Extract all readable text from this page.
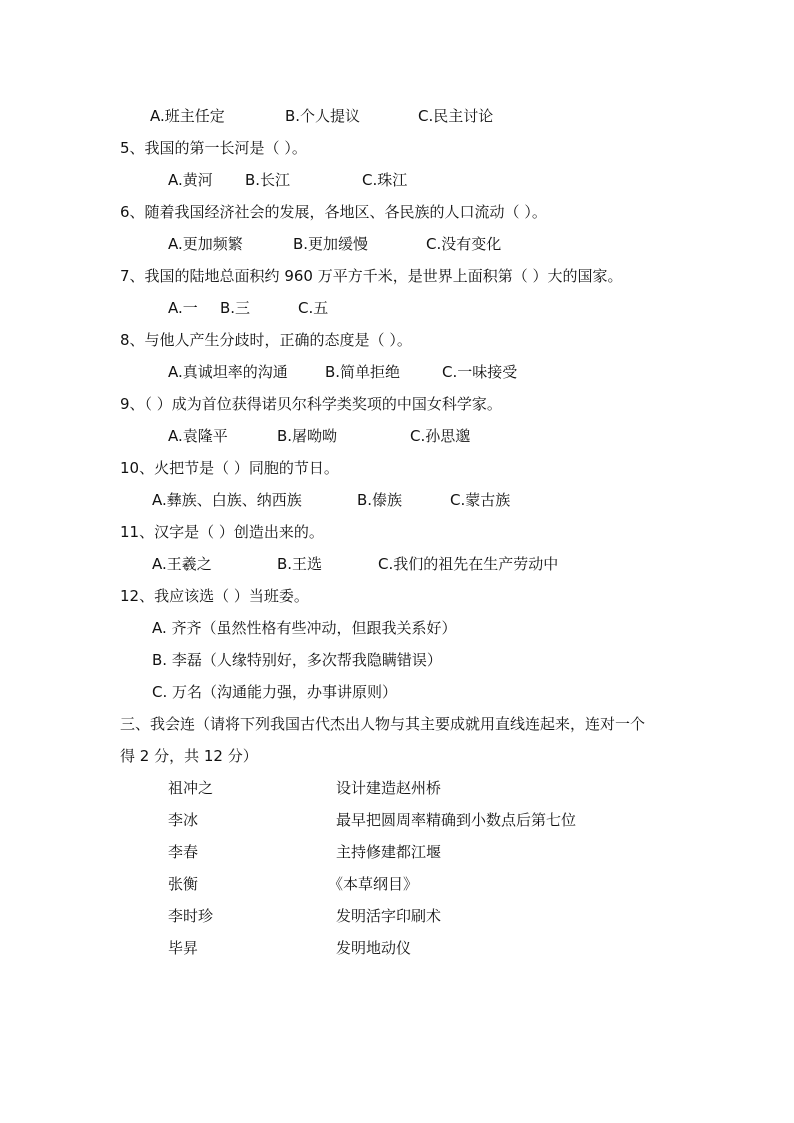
A.班主任定	B.个人提议	C.民主讨论
5、我国的第一长河是（ ）。
A.黄河 B.长江	C.珠江
6、随着我国经济社会的发展，各地区、各民族的人口流动（ ）。
A.更加频繁	B.更加缓慢	C.没有变化
7、我国的陆地总面积约 960 万平方千米，是世界上面积第（ ）大的国家。
A.一 B.三	C.五
8、与他人产生分歧时，正确的态度是（ ）。
A.真诚坦率的沟通 B.简单拒绝	C.一味接受
9、（ ）成为首位获得诺贝尔科学类奖项的中国女科学家。
A.袁隆平	B.屠呦呦	C.孙思邈
10、火把节是（ ）同胞的节日。
A.彝族、白族、纳西族	B.傣族	C.蒙古族
11、汉字是（ ）创造出来的。
A.王羲之	B.王选	C.我们的祖先在生产劳动中
12、我应该选（ ）当班委。
A. 齐齐（虽然性格有些冲动，但跟我关系好）
B. 李磊（人缘特别好，多次帮我隐瞒错误）
C. 万名（沟通能力强，办事讲原则）
三、我会连（请将下列我国古代杰出人物与其主要成就用直线连起来，连对一个
得 2 分，共 12 分）
祖冲之	设计建造赵州桥
李冰	最早把圆周率精确到小数点后第七位
李春	主持修建都江堰
张衡	《本草纲目》
李时珍	发明活字印刷术
毕昇	发明地动仪
